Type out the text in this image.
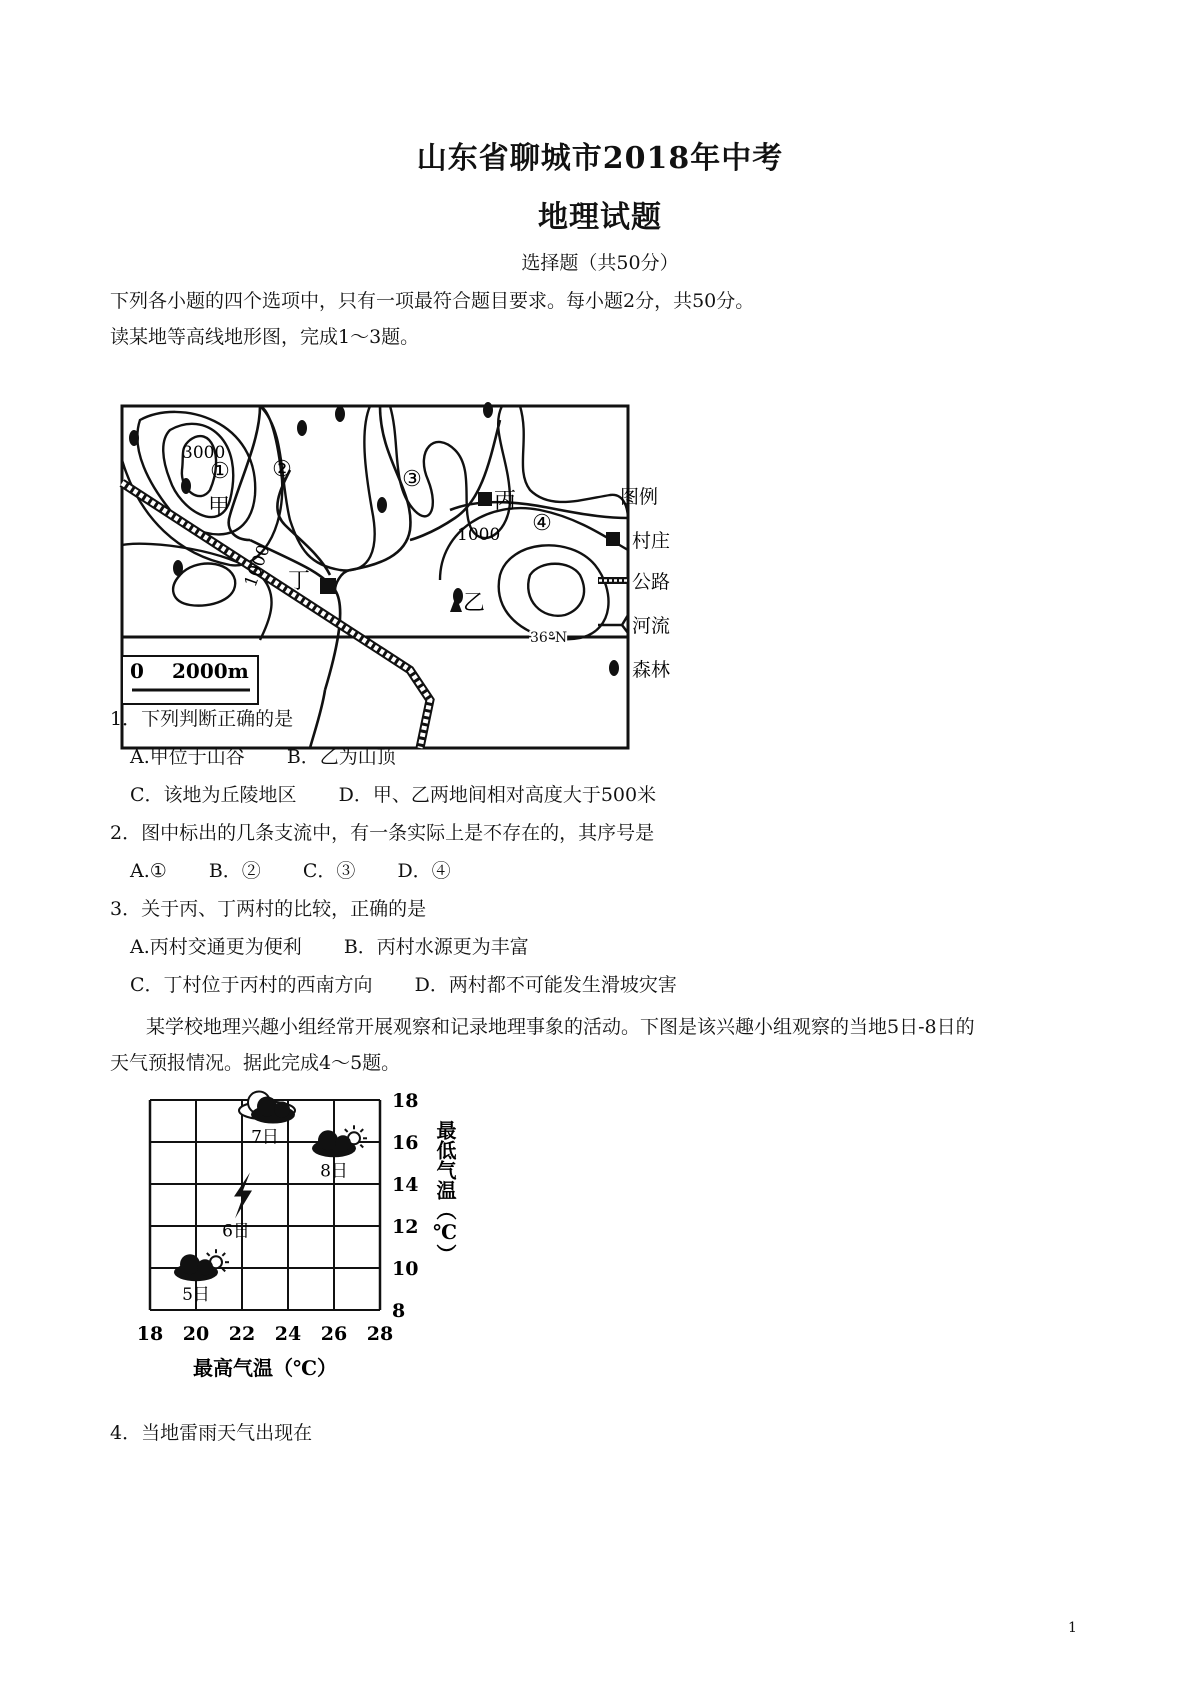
山东省聊城市2018年中考
地理试题
选择题（共50分）
下列各小题的四个选项中，只有一项最符合题目要求。每小题2分，共50分。
读某地等高线地形图，完成1～3题。
3000
1000
1000
① ②	③
④
甲	丙
丁
乙
36°N
0 2000m
图例
村庄
公路
河流
森林
1．下列判断正确的是
A.甲位于山谷 B．乙为山顶
C．该地为丘陵地区 D．甲、乙两地间相对高度大于500米
2．图中标出的几条支流中，有一条实际上是不存在的，其序号是
A.① B．② C．③ D．④
3．关于丙、丁两村的比较，正确的是
A.丙村交通更为便利 B．丙村水源更为丰富
C．丁村位于丙村的西南方向 D．两村都不可能发生滑坡灾害
某学校地理兴趣小组经常开展观察和记录地理事象的活动。下图是该兴趣小组观察的当地5日-8日的
天气预报情况。据此完成4～5题。
18 20 22 24 26 28
18
16
14
12
10
8
5日
6日
7日
8日
最高气温（℃）
最低气温（℃）
4．当地雷雨天气出现在
1
